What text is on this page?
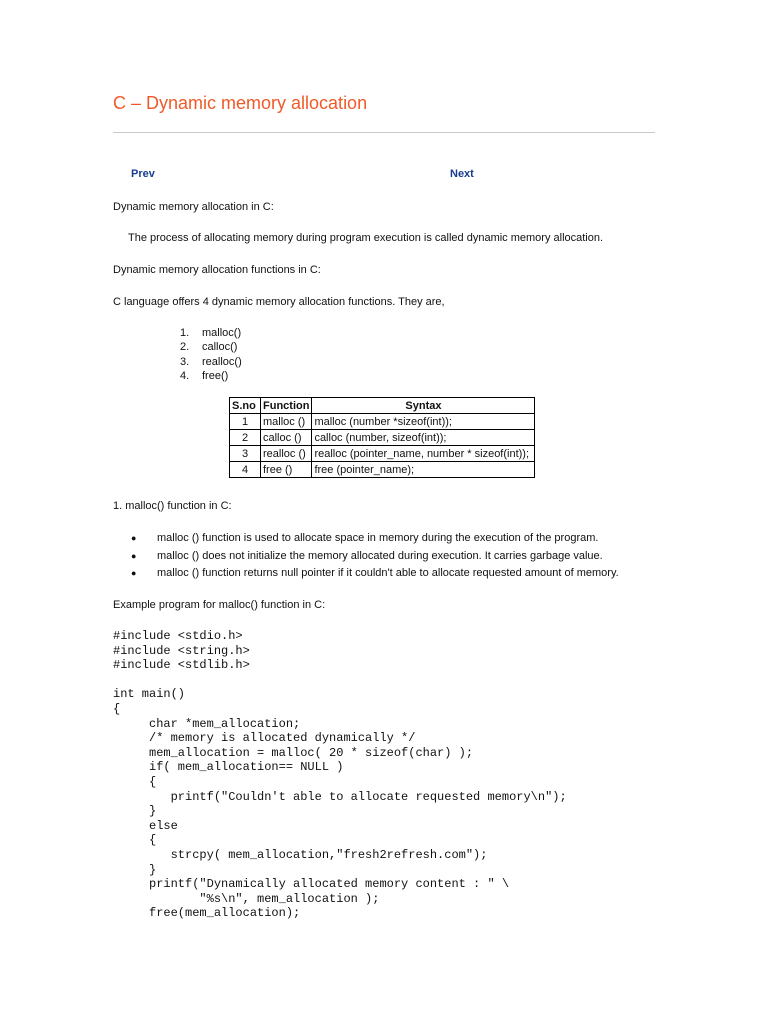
C – Dynamic memory allocation
Prev	Next

Dynamic memory allocation in C:

The process of allocating memory during program execution is called dynamic memory allocation.

Dynamic memory allocation functions in C:

C language offers 4 dynamic memory allocation functions. They are,

1. malloc()
2. calloc()
3. realloc()
4. free()
S.no	Function	Syntax
1	malloc ()	malloc (number *sizeof(int));
2	calloc ()	calloc (number, sizeof(int));
3	realloc ()	realloc (pointer_name, number * sizeof(int));
4	free ()	free (pointer_name);

1. malloc() function in C:

● malloc () function is used to allocate space in memory during the execution of the program.
● malloc () does not initialize the memory allocated during execution. It carries garbage value.
● malloc () function returns null pointer if it couldn't able to allocate requested amount of memory.

Example program for malloc() function in C:

#include <stdio.h>
#include <string.h>
#include <stdlib.h>
int main()
{
char *mem_allocation;
/* memory is allocated dynamically */
mem_allocation = malloc( 20 * sizeof(char) );
if( mem_allocation== NULL )
{
printf("Couldn't able to allocate requested memory\n");
}
else
{
strcpy( mem_allocation,"fresh2refresh.com");
}
printf("Dynamically allocated memory content : " \
"%s\n", mem_allocation );
free(mem_allocation);
